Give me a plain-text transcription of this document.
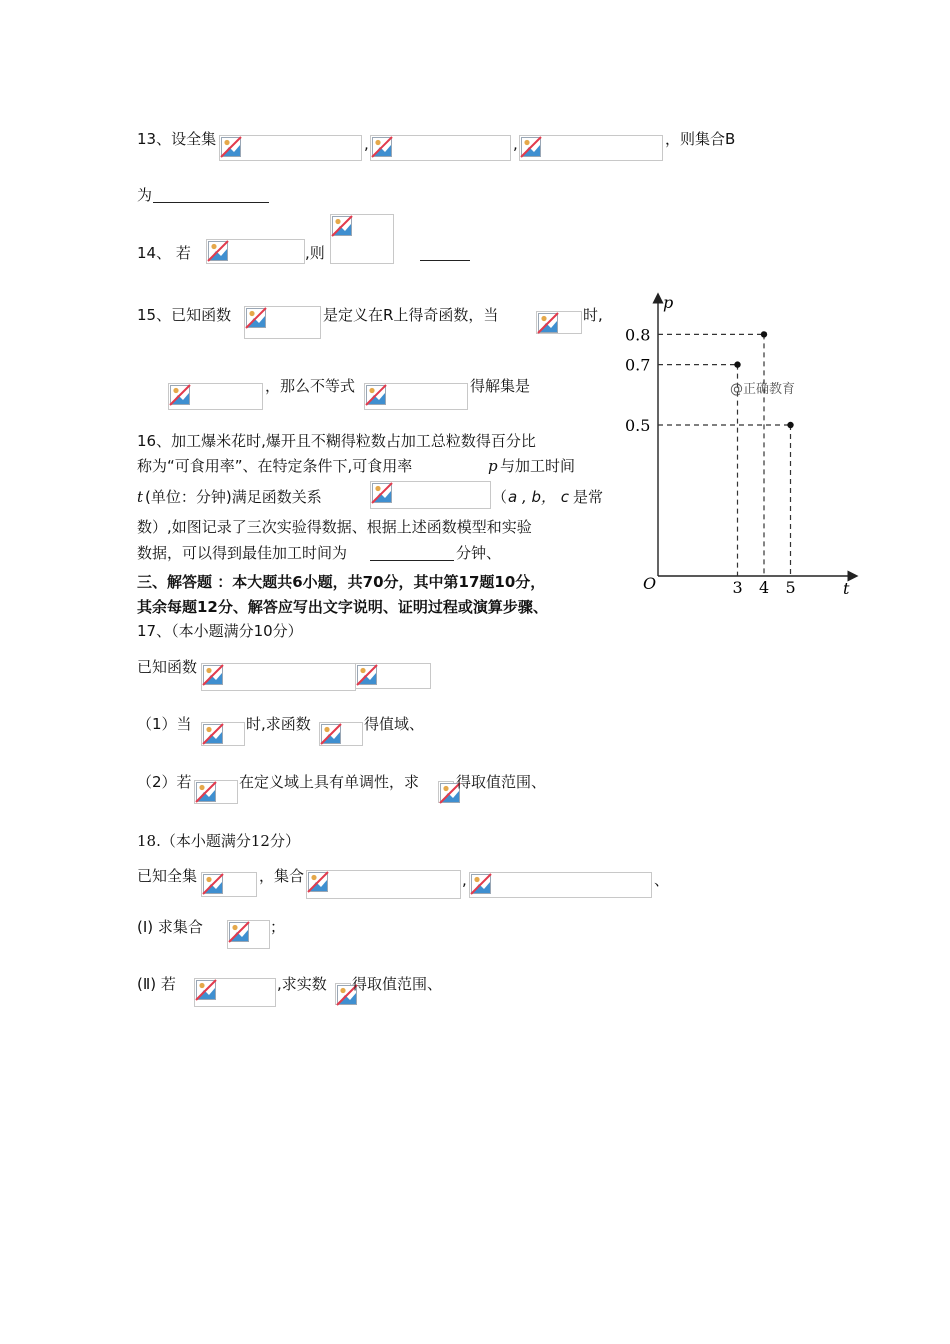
13、设全集	,	,	，则集合B
为
14、 若	,则
15、已知函数	是定义在R上得奇函数，当	时,
，那么不等式	得解集是
16、加工爆米花时,爆开且不糊得粒数占加工总粒数得百分比
称为“可食用率”、在特定条件下,可食用率	p 与加工时间
t (单位：分钟)满足函数关系	（ a , b， c 是常
数）,如图记录了三次实验得数据、根据上述函数模型和实验
数据，可以得到最佳加工时间为	分钟、
三、解答题 ：本大题共6小题，共70分，其中第17题10分，
其余每题12分、解答应写出文字说明、证明过程或演算步骤、
17、（本小题满分10分）
已知函数
（1）当	时,求函数	得值域、
（2）若	在定义域上具有单调性，求 得取值范围、
18.（本小题满分12分）
已知全集	，集合	,	、
(Ⅰ) 求集合	；
(Ⅱ) 若	,求实数 得取值范围、
p
t
O	3 4 5
0.8
0.7
0.5
@正确教育
